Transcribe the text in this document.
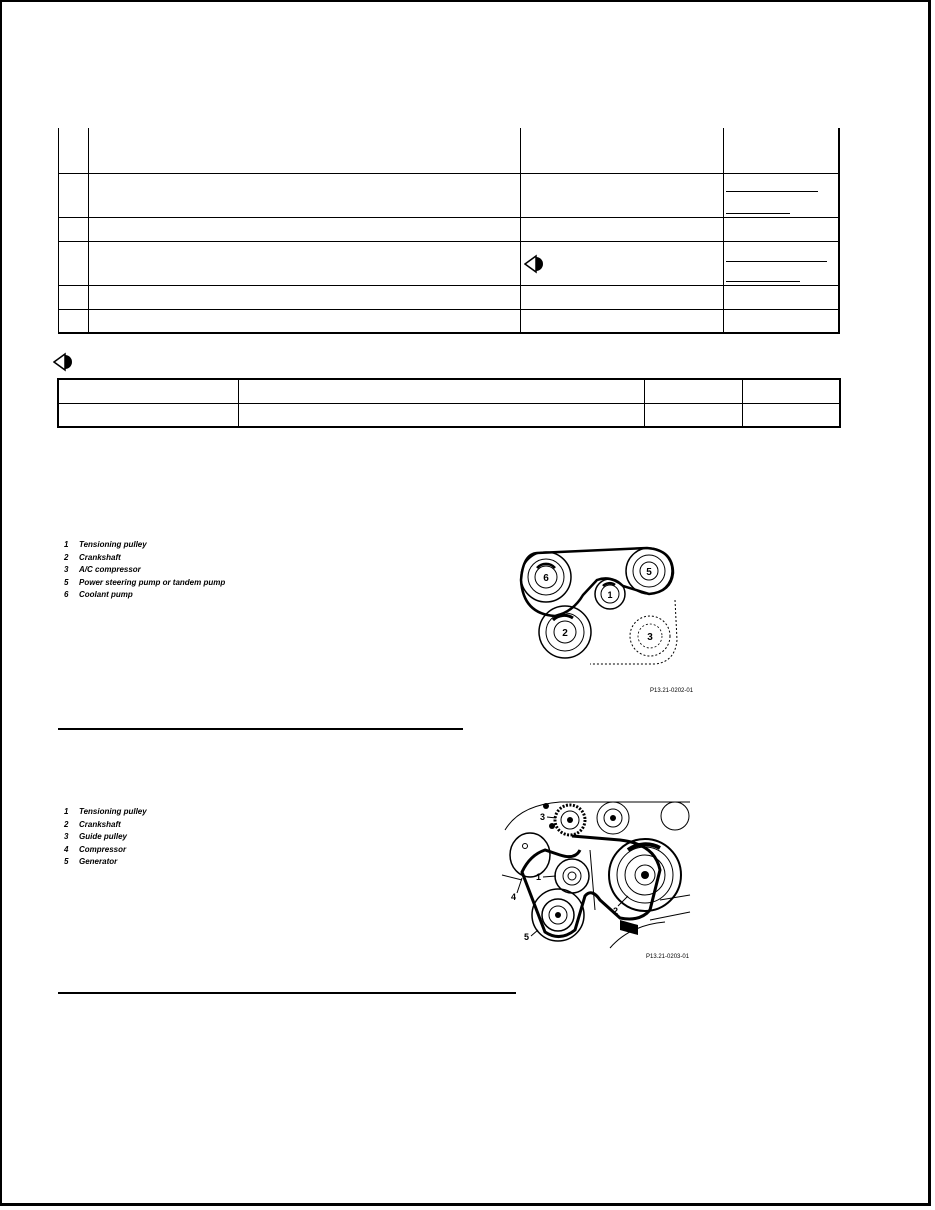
1 Tensioning pulley
2 Crankshaft
3 A/C compressor
5 Power steering pump or tandem pump
6 Coolant pump
6
5
1
2	3
P13.21-0202-01
1 Tensioning pulley
2 Crankshaft
3 Guide pulley
4 Compressor
5 Generator
3
1
4
2
5
P13.21-0203-01
